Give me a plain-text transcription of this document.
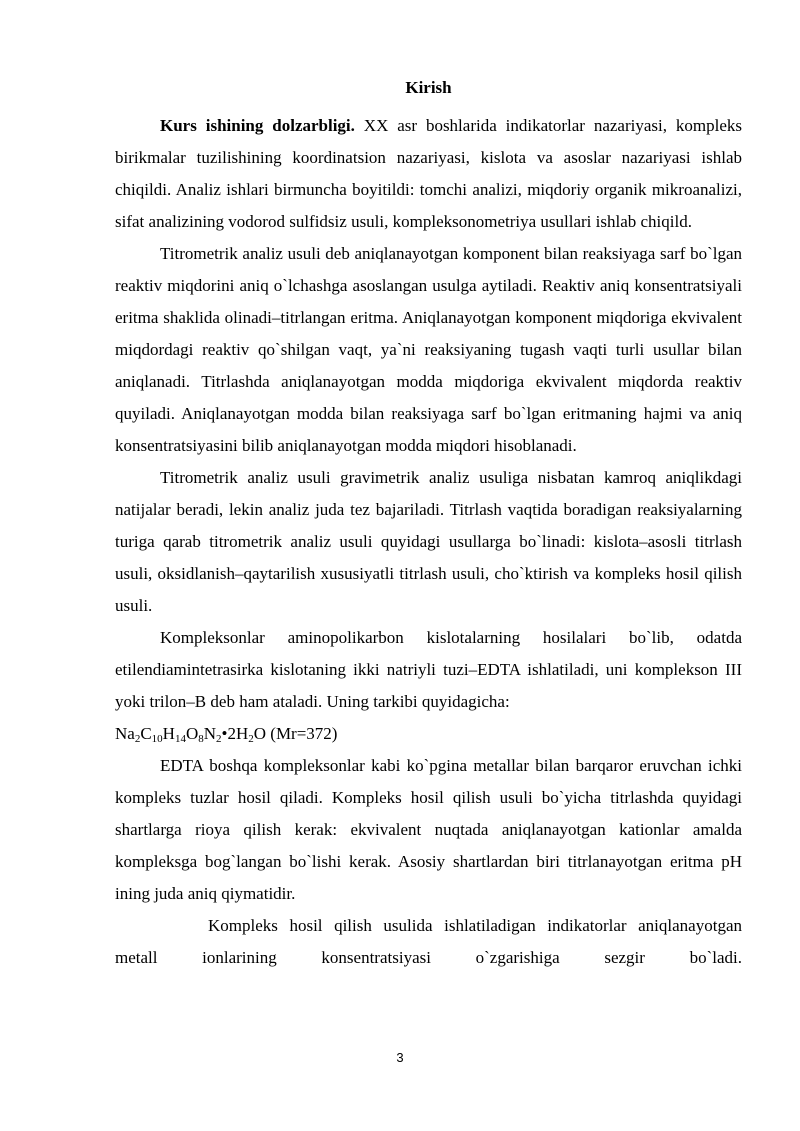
Kirish

Kurs ishining dolzarbligi. XX asr boshlarida indikatorlar nazariyasi, kompleks birikmalar tuzilishining koordinatsion nazariyasi, kislota va asoslar nazariyasi ishlab chiqildi. Analiz ishlari birmuncha boyitildi: tomchi analizi, miqdoriy organik mikroanalizi, sifat analizining vodorod sulfidsiz usuli, kompleksonometriya usullari ishlab chiqild.

Titrometrik analiz usuli deb aniqlanayotgan komponent bilan reaksiyaga sarf bo`lgan reaktiv miqdorini aniq o`lchashga asoslangan usulga aytiladi. Reaktiv aniq konsentratsiyali eritma shaklida olinadi–titrlangan eritma. Aniqlanayotgan komponent miqdoriga ekvivalent miqdordagi reaktiv qo`shilgan vaqt, ya`ni reaksiyaning tugash vaqti turli usullar bilan aniqlanadi. Titrlashda aniqlanayotgan modda miqdoriga ekvivalent miqdorda reaktiv quyiladi. Aniqlanayotgan modda bilan reaksiyaga sarf bo`lgan eritmaning hajmi va aniq konsentratsiyasini bilib aniqlanayotgan modda miqdori hisoblanadi.

Titrometrik analiz usuli gravimetrik analiz usuliga nisbatan kamroq aniqlikdagi natijalar beradi, lekin analiz juda tez bajariladi. Titrlash vaqtida boradigan reaksiyalarning turiga qarab titrometrik analiz usuli quyidagi usullarga bo`linadi: kislota–asosli titrlash usuli, oksidlanish–qaytarilish xususiyatli titrlash usuli, cho`ktirish va kompleks hosil qilish usuli.

Kompleksonlar aminopolikarbon kislotalarning hosilalari bo`lib, odatda etilendiamintetrasirka kislotaning ikki natriyli tuzi–EDTA ishlatiladi, uni komplekson III yoki trilon–B deb ham ataladi. Uning tarkibi quyidagicha:

$Na_2C_{10}H_{14}O_8N_2•2H_2O$ (Mr=372)

EDTA boshqa kompleksonlar kabi ko`pgina metallar bilan barqaror eruvchan ichki kompleks tuzlar hosil qiladi. Kompleks hosil qilish usuli bo`yicha titrlashda quyidagi shartlarga rioya qilish kerak: ekvivalent nuqtada aniqlanayotgan kationlar amalda kompleksga bog`langan bo`lishi kerak. Asosiy shartlardan biri titrlanayotgan eritma pH ining juda aniq qiymatidir.

Kompleks hosil qilish usulida ishlatiladigan indikatorlar aniqlanayotgan metall ionlarining konsentratsiyasi o`zgarishiga sezgir bo`ladi.

3
